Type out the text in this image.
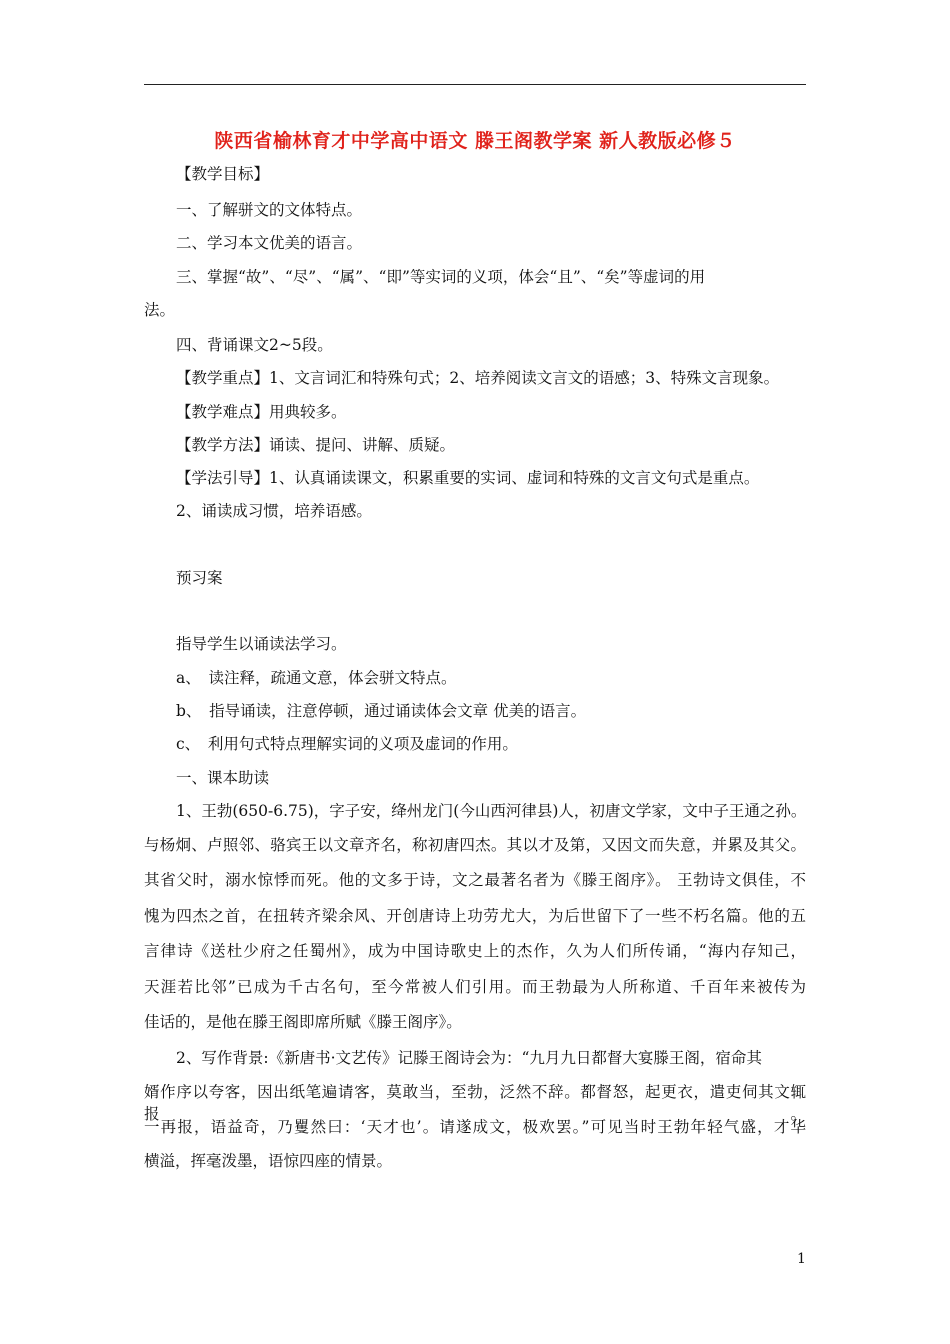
陕西省榆林育才中学高中语文 滕王阁教学案 新人教版必修５
【教学目标】
一、了解骈文的文体特点。
二、学习本文优美的语言。
三、掌握“故”、“尽”、“属”、“即”等实词的义项，体会“且”、“矣”等虚词的用
法。
四、背诵课文2~5段。
【教学重点】1、文言词汇和特殊句式；2、培养阅读文言文的语感；3、特殊文言现象。
【教学难点】用典较多。
【教学方法】诵读、提问、讲解、质疑。
【学法引导】1、认真诵读课文，积累重要的实词、虚词和特殊的文言文句式是重点。
2、诵读成习惯，培养语感。
预习案
指导学生以诵读法学习。
a、　读注释，疏通文意，体会骈文特点。
b、　指导诵读，注意停顿，通过诵读体会文章 优美的语言。
c、　利用句式特点理解实词的义项及虚词的作用。
一、课本助读
1、王勃(650-6.75)，字子安，绛州龙门(今山西河律县)人，初唐文学家，文中子王通之孙。
与杨炯、卢照邻、骆宾王以文章齐名，称初唐四杰。其以才及第，又因文而失意，并累及其父。
其省父时，溺水惊悸而死。他的文多于诗，文之最著名者为《滕王阁序》。 王勃诗文俱佳，不
愧为四杰之首，在扭转齐梁余风、开创唐诗上功劳尤大，为后世留下了一些不朽名篇。他的五
言律诗《送杜少府之任蜀州》，成为中国诗歌史上的杰作，久为人们所传诵，“海内存知己，
天涯若比邻”已成为千古名句，至今常被人们引用。而王勃最为人所称道、千百年来被传为
佳话的，是他在滕王阁即席所赋《滕王阁序》。
2、写作背景:《新唐书·文艺传》记滕王阁诗会为：“九月九日都督大宴滕王阁，宿命其
婿作序以夸客，因出纸笔遍请客，莫敢当，至勃，泛然不辞。都督怒，起更衣，遣吏伺其文辄报。
一再报，语益奇，乃矍然曰：‘天才也’。请遂成文，极欢罢。”可见当时王勃年轻气盛，才华
横溢，挥毫泼墨，语惊四座的情景。
1
